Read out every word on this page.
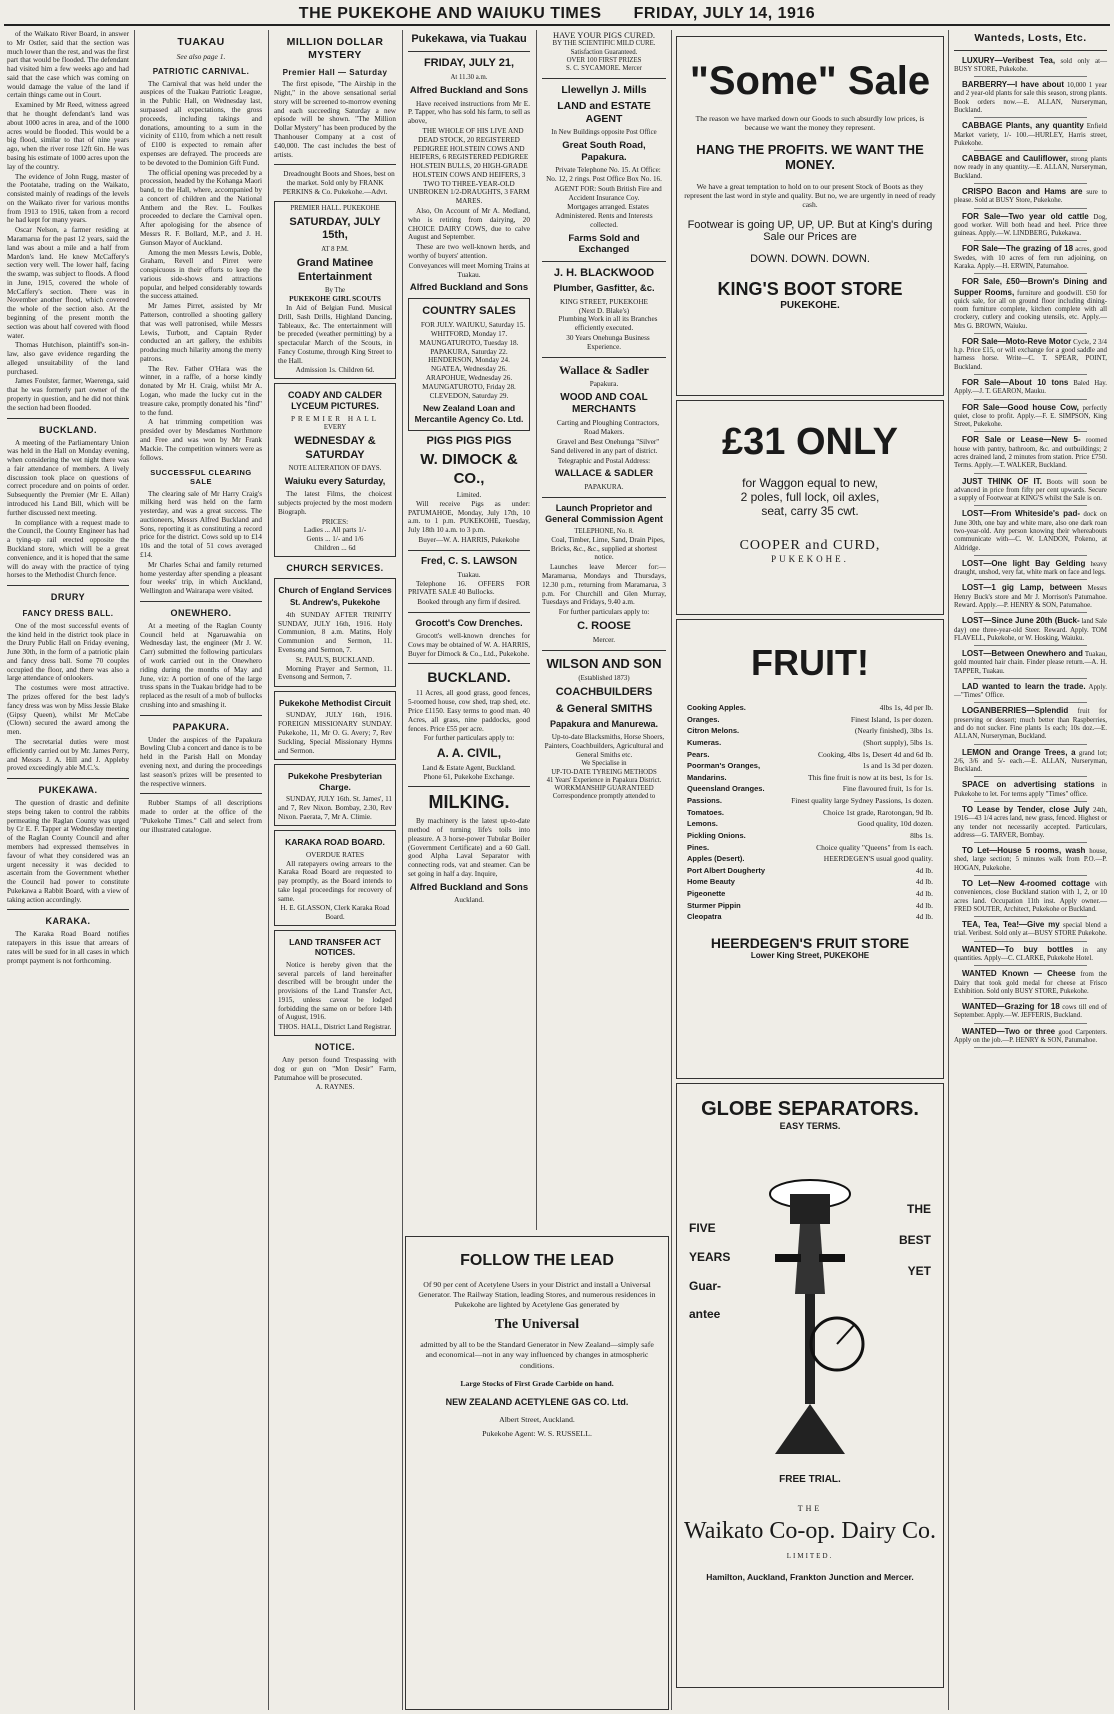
THE PUKEKOHE AND WAIUKU TIMES FRIDAY, JULY 14, 1916

of the Waikato River Board, in answer to Mr Ostler, said that the section was much lower than the rest, and was the first part that would be flooded. The defendant had visited him a few weeks ago and had said that the case which was coming on would damage the value of the land if certain things came out in Court.

Examined by Mr Reed, witness agreed that he thought defendant's land was about 1000 acres in area, and of the 1000 acres would be flooded. This would be a big flood, similar to that of nine years ago, when the river rose 12ft 6in. He was basing his estimate of 1000 acres upon the lay of the country.

The evidence of John Rugg, master of the Pootatahe, trading on the Waikato, consisted mainly of readings of the levels on the Waikato river for various months from 1913 to 1916, taken from a record he had kept for many years.

Oscar Nelson, a farmer residing at Maramarua for the past 12 years, said the land was about a mile and a half from Mardon's land. He knew McCaffery's section very well. The lower half, facing the swamp, was subject to floods. A flood in June, 1915, covered the whole of McCaffery's section. There was in November another flood, which covered the whole of the section also. At the beginning of the present month the section was about half covered with flood water.

Thomas Hutchison, plaintiff's son-in-law, also gave evidence regarding the alleged unsuitability of the land purchased.

James Foulster, farmer, Waerenga, said that he was formerly part owner of the property in question, and he did not think the section had been flooded.

BUCKLAND.

A meeting of the Parliamentary Union was held in the Hall on Monday evening, when considering the wet night there was a fair attendance of members. A lively discussion took place on questions of correct procedure and on points of order. Subsequently the Premier (Mr E. Allan) introduced his Land Bill, which will be further discussed next meeting.

In compliance with a request made to the Council, the County Engineer has had a tying-up rail erected opposite the Buckland store, which will be a great convenience, and it is hoped that the same will do away with the practice of tying horses to the Methodist Church fence.

DRURY
FANCY DRESS BALL.

One of the most successful events of the kind held in the district took place in the Drury Public Hall on Friday evening, June 30th, in the form of a patriotic plain and fancy dress ball. Some 70 couples occupied the floor, and there was also a large attendance of onlookers.

The costumes were most attractive. The prizes offered for the best lady's fancy dress was won by Miss Jessie Blake (Gipsy Queen), whilst Mr McCabe (Clown) secured the award among the men.

The secretarial duties were most efficiently carried out by Mr. James Perry, and Messrs J. A. Hill and J. Appleby proved exceedingly able M.C.'s.

PUKEKAWA.

The question of drastic and definite steps being taken to control the rabbits permeating the Raglan County was urged by Cr E. F. Tapper at Wednesday meeting of the Raglan County Council and after members had expressed themselves in favour of what they considered was an urgent necessity it was decided to ascertain from the Government whether the Council had power to constitute Pukekawa a Rabbit Board, with a view of taking action accordingly.

KARAKA.

The Karaka Road Board notifies ratepayers in this issue that arrears of rates will be sued for in all cases in which prompt payment is not forthcoming.

TUAKAU
See also page 1.
PATRIOTIC CARNIVAL.

The Carnival that was held under the auspices of the Tuakau Patriotic League, in the Public Hall, on Wednesday last, surpassed all expectations, the gross proceeds, including takings and donations, amounting to a sum in the vicinity of £110, from which a nett result of £100 is expected to remain after expenses are defrayed. The proceeds are to be devoted to the Dominion Gift Fund.

The official opening was preceded by a procession, headed by the Kohanga Maori band, to the Hall, where, accompanied by a concert of children and the National Anthem and the Rev. L. Foulkes proceeded to declare the Carnival open. After apologising for the absence of Messrs R. F. Bollard, M.P., and J. H. Gunson Mayor of Auckland.

Among the men Messrs Lewis, Doble, Graham, Revell and Pirret were conspicuous in their efforts to keep the various side-shows and attractions popular, and helped considerably towards the success attained.

Mr James Pirret, assisted by Mr Patterson, controlled a shooting gallery that was well patronised, while Messrs Lewis, Turbott, and Captain Ryder conducted an art gallery, the exhibits producing much hilarity among the merry patrons.

The Rev. Father O'Hara was the winner, in a raffle, of a horse kindly donated by Mr H. Craig, whilst Mr A. Logan, who made the lucky cut in the treasure cake, promptly donated his "find" to the fund.

A hat trimming competition was presided over by Mesdames Northmore and Free and was won by Mr Frank Mackie. The competition winners were as follows.

SUCCESSFUL CLEARING SALE

The clearing sale of Mr Harry Craig's milking herd was held on the farm yesterday, and was a great success. The auctioneers, Messrs Alfred Buckland and Sons, reporting it as constituting a record price for the district. Cows sold up to £14 10s and the total of 51 cows averaged £14.

Mr Charles Schai and family returned home yesterday after spending a pleasant four weeks' trip, in which Auckland, Wellington and Wairarapa were visited.

ONEWHERO.

At a meeting of the Raglan County Council held at Ngaruawahia on Wednesday last, the engineer (Mr J. W. Carr) submitted the following particulars of work carried out in the Onewhero riding during the months of May and June, viz: A portion of one of the large truss spans in the Tuakau bridge had to be replaced as the result of a mob of bullocks crushing into and smashing it.

PAPAKURA.

Under the auspices of the Papakura Bowling Club a concert and dance is to be held in the Parish Hall on Monday evening next, and during the proceedings last season's prizes will be presented to the respective winners.

Rubber Stamps of all descriptions made to order at the office of the "Pukekohe Times." Call and select from our illustrated catalogue.

MILLION DOLLAR MYSTERY
Premier Hall — Saturday

The first episode, "The Airship in the Night," in the above sensational serial story will be screened to-morrow evening and each succeeding Saturday a new episode will be shown. "The Million Dollar Mystery" has been produced by the Thanhouser Company at a cost of £40,000. The cast includes the best of artists.

Dreadnought Boots and Shoes, best on the market. Sold only by FRANK PERKINS & Co. Pukekohe.—Advt.

PREMIER HALL. PUKEKOHE
SATURDAY, JULY 15th,
AT 8 P.M.
Grand Matinee Entertainment
By The
PUKEKOHE GIRL SCOUTS

In Aid of Belgian Fund. Musical Drill, Sash Drills, Highland Dancing, Tableaux, &c. The entertainment will be preceded (weather permitting) by a spectacular March of the Scouts, in Fancy Costume, through King Street to the Hall.

Admission 1s. Children 6d.
COADY AND CALDER LYCEUM PICTURES.
PREMIER HALL
EVERY
WEDNESDAY & SATURDAY
NOTE ALTERATION OF DAYS.
Waiuku every Saturday,

The latest Films, the choicest subjects projected by the most modern Biograph.

PRICES:
Ladies ... All parts 1/-
Gents ... 1/- and 1/6
Children ... 6d
CHURCH SERVICES.
Church of England Services
St. Andrew's, Pukekohe

4th SUNDAY AFTER TRINITY SUNDAY, JULY 16th, 1916. Holy Communion, 8 a.m. Matins, Holy Communion and Sermon, 11. Evensong and Sermon, 7.

St. PAUL'S, BUCKLAND.

Morning Prayer and Sermon, 11. Evensong and Sermon, 7.

Pukekohe Methodist Circuit

SUNDAY, JULY 16th, 1916. FOREIGN MISSIONARY SUNDAY. Pukekohe, 11, Mr O. G. Avery; 7, Rev Suckling, Special Missionary Hymns and Sermon.

Pukekohe Presbyterian Charge.

SUNDAY, JULY 16th. St. James', 11 and 7, Rev Nixon. Bombay, 2.30, Rev Nixon. Paerata, 7, Mr A. Climie.

KARAKA ROAD BOARD.
OVERDUE RATES

All ratepayers owing arrears to the Karaka Road Board are requested to pay promptly, as the Board intends to take legal proceedings for recovery of same.

H. E. GLASSON, Clerk Karaka Road Board.
LAND TRANSFER ACT NOTICES.

Notice is hereby given that the several parcels of land hereinafter described will be brought under the provisions of the Land Transfer Act, 1915, unless caveat be lodged forbidding the same on or before 14th of August, 1916.

THOS. HALL, District Land Registrar.
NOTICE.

Any person found Trespassing with dog or gun on "Mon Desir" Farm, Patumahoe will be prosecuted.

A. RAYNES.
Pukekawa, via Tuakau
FRIDAY, JULY 21,
At 11.30 a.m.
Alfred Buckland and Sons

Have received instructions from Mr E. P. Tapper, who has sold his farm, to sell as above,

THE WHOLE OF HIS LIVE AND DEAD STOCK, 20 REGISTERED PEDIGREE HOLSTEIN COWS AND HEIFERS, 6 REGISTERED PEDIGREE HOLSTEIN BULLS, 20 HIGH-GRADE HOLSTEIN COWS AND HEIFERS, 3 TWO TO THREE-YEAR-OLD UNBROKEN 1/2-DRAUGHTS, 3 FARM MARES.

Also, On Account of Mr A. Medland, who is retiring from dairying, 20 CHOICE DAIRY COWS, due to calve August and September.

These are two well-known herds, and worthy of buyers' attention.

Conveyances will meet Morning Trains at Tuakau.
Alfred Buckland and Sons
COUNTRY SALES

FOR JULY. WAIUKU, Saturday 15. WHITFORD, Monday 17. MAUNGATUROTO, Tuesday 18. PAPAKURA, Saturday 22. HENDERSON, Monday 24. NGATEA, Wednesday 26. ARAPOHUE, Wednesday 26. MAUNGATUROTO, Friday 28. CLEVEDON, Saturday 29.

New Zealand Loan and Mercantile Agency Co. Ltd.
PIGS PIGS PIGS
W. DIMOCK & CO.,
Limited.

Will receive Pigs as under: PATUMAHOE, Monday, July 17th, 10 a.m. to 1 p.m. PUKEKOHE, Tuesday, July 18th 10 a.m. to 3 p.m.

Buyer—W. A. HARRIS, Pukekohe
Fred, C. S. LAWSON
Tuakau.

Telephone 16. OFFERS FOR PRIVATE SALE 40 Bullocks.

Booked through any firm if desired.
Grocott's Cow Drenches.

Grocott's well-known drenches for Cows may be obtained of W. A. HARRIS, Buyer for Dimock & Co., Ltd., Pukekohe.

BUCKLAND.

11 Acres, all good grass, good fences, 5-roomed house, cow shed, trap shed, etc. Price £1150. Easy terms to good man. 40 Acres, all grass, nine paddocks, good fences. Price £55 per acre.

For further particulars apply to:
A. A. CIVIL,
Land & Estate Agent, Buckland.
Phone 61, Pukekohe Exchange.
MILKING.

By machinery is the latest up-to-date method of turning life's toils into pleasure. A 3 horse-power Tubular Boiler (Government Certificate) and a 60 Gall. good Alpha Laval Separator with connecting rods, vat and steamer. Can be set going in half a day. Inquire,

Alfred Buckland and Sons
Auckland.
HAVE YOUR PIGS CURED.
BY THE SCIENTIFIC MILD CURE.
Satisfaction Guaranteed.
OVER 100 FIRST PRIZES
S. C. SYCAMORE. Mercer
Llewellyn J. Mills
LAND and ESTATE AGENT
In New Buildings opposite Post Office
Great South Road, Papakura.

Private Telephone No. 15. At Office: No. 12, 2 rings. Post Office Box No. 16.

AGENT FOR: South British Fire and Accident Insurance Coy.

Mortgages arranged. Estates Administered. Rents and Interests collected.

Farms Sold and Exchanged
J. H. BLACKWOOD
Plumber, Gasfitter, &c.
KING STREET, PUKEKOHE
(Next D. Blake's)

Plumbing Work in all its Branches efficiently executed.

30 Years Onehunga Business Experience.

Wallace & Sadler
Papakura.
WOOD AND COAL MERCHANTS

Carting and Ploughing Contractors, Road Makers.

Gravel and Best Onehunga "Silver" Sand delivered in any part of district.

Telegraphic and Postal Address:
WALLACE & SADLER
PAPAKURA.
Launch Proprietor and General Commission Agent
TELEPHONE, No. 8.

Coal, Timber, Lime, Sand, Drain Pipes, Bricks, &c., &c., supplied at shortest notice.

Launches leave Mercer for:—Maramarua, Mondays and Thursdays, 12.30 p.m., returning from Maramarua, 3 p.m. For Churchill and Glen Murray, Tuesdays and Fridays, 9.40 a.m.

For further particulars apply to:
C. ROOSE
Mercer.
WILSON AND SON
(Established 1873)
COACHBUILDERS
& General SMITHS
Papakura and Manurewa.

Up-to-date Blacksmiths, Horse Shoers, Painters, Coachbuilders, Agricultural and General Smiths etc.

We Specialise in
UP-TO-DATE TYREING METHODS
41 Years' Experience in Papakura District.
WORKMANSHIP GUARANTEED
Correspondence promptly attended to
FOLLOW THE LEAD

Of 90 per cent of Acetylene Users in your District and install a Universal Generator. The Railway Station, leading Stores, and numerous residences in Pukekohe are lighted by Acetylene Gas generated by

The Universal

admitted by all to be the Standard Generator in New Zealand—simply safe and economical—not in any way influenced by changes in atmospheric conditions.

Large Stocks of First Grade Carbide on hand.
NEW ZEALAND ACETYLENE GAS CO. Ltd.
Albert Street, Auckland.
Pukekohe Agent: W. S. RUSSELL.
"Some" Sale

The reason we have marked down our Goods to such absurdly low prices, is because we want the money they represent.

HANG THE PROFITS. WE WANT THE MONEY.

We have a great temptation to hold on to our present Stock of Boots as they represent the last word in style and quality. But no, we are urgently in need of ready cash.

Footwear is going UP, UP, UP. But at King's during Sale our Prices are
DOWN. DOWN. DOWN.
KING'S BOOT STORE
PUKEKOHE.
£31 ONLY
for Waggon equal to new,
2 poles, full lock, oil axles,
seat, carry 35 cwt.
COOPER and CURD,
PUKEKOHE.
FRUIT!
Cooking Apples.	4lbs 1s, 4d per lb.
Oranges.	Finest Island, 1s per dozen.
Citron Melons.	(Nearly finished), 3lbs 1s.
Kumeras.	(Short supply), 5lbs 1s.
Pears.	Cooking, 4lbs 1s, Desert 4d and 6d lb.
Poorman's Oranges,	1s and 1s 3d per dozen.
Mandarins.	This fine fruit is now at its best, 1s for 1s.
Queensland Oranges.	Fine flavoured fruit, 1s for 1s.
Passions.	Finest quality large Sydney Passions, 1s dozen.
Tomatoes.	Choice 1st grade, Rarotongan, 9d lb.
Lemons.	Good quality, 10d dozen.
Pickling Onions.	8lbs 1s.
Pines.	Choice quality "Queens" from 1s each.
Apples (Desert).	HEERDEGEN'S usual good quality.
Port Albert Dougherty	4d lb.
Home Beauty	4d lb.
Pigeonette	4d lb.
Sturmer Pippin	4d lb.
Cleopatra	4d lb.
HEERDEGEN'S FRUIT STORE
Lower King Street, PUKEKOHE
GLOBE SEPARATORS.
EASY TERMS.
FIVE
YEARS
Guar-
antee
THE
BEST
YET
FREE TRIAL.
THE
Waikato Co-op. Dairy Co.
LIMITED.
Hamilton, Auckland, Frankton Junction and Mercer.
Wanteds, Losts, Etc.

LUXURY—Veribest Tea, sold only at—BUSY STORE, Pukekohe.

BARBERRY—I have about 10,000 1 year and 2 year-old plants for sale this season, strong plants. Book orders now.—E. ALLAN, Nurseryman, Buckland.

CABBAGE Plants, any quantity Enfield Market variety, 1/- 100.—HURLEY, Harris street, Pukekohe.

CABBAGE and Cauliflower, strong plants now ready in any quantity.—E. ALLAN, Nurseryman, Buckland.

CRISPO Bacon and Hams are sure to please. Sold at BUSY Store, Pukekohe.

FOR Sale—Two year old cattle Dog, good worker. Will both head and heel. Price three guineas. Apply.—W. LINDBERG, Pukekawa.

FOR Sale—The grazing of 18 acres, good Swedes, with 10 acres of fern run adjoining, on Karaka. Apply.—H. ERWIN, Patumahoe.

FOR Sale, £50—Brown's Dining and Supper Rooms, furniture and goodwill. £50 for quick sale, for all on ground floor including dining-room furniture complete, kitchen complete with all crockery, cutlery and cooking utensils, etc. Apply.—Mrs G. BROWN, Waiuku.

FOR Sale—Moto-Reve Motor Cycle, 2 3/4 h.p. Price £15, or will exchange for a good saddle and harness horse. Write—C. T. SPEAR, POINT, Buckland.

FOR Sale—About 10 tons Baled Hay. Apply.—J. T. GEARON, Mauku.

FOR Sale—Good house Cow, perfectly quiet, close to profit. Apply.—F. E. SIMPSON, King Street, Pukekohe.

FOR Sale or Lease—New 5- roomed house with pantry, bathroom, &c. and outbuildings; 2 acres drained land, 2 minutes from station. Price £750. Terms. Apply.—T. WALKER, Buckland.

JUST THINK OF IT. Boots will soon be advanced in price from fifty per cent upwards. Secure a supply of Footwear at KING'S whilst the Sale is on.

LOST—From Whiteside's pad- dock on June 30th, one bay and white mare, also one dark roan two-year-old. Any person knowing their whereabouts communicate with—C. W. LANDON, Pokeno, at Aldridge.

LOST—One light Bay Gelding heavy draught, unshod, very fat, white mark on face and legs.

LOST—1 gig Lamp, between Messrs Henry Buck's store and Mr J. Morrison's Patumahoe. Reward. Apply.—P. HENRY & SON, Patumahoe.

LOST—Since June 20th (Buck- land Sale day) one three-year-old Steer. Reward. Apply. TOM FLAVELL, Pukekohe, or W. Hosking, Waiuku.

LOST—Between Onewhero and Tuakau, gold mounted hair chain. Finder please return.—A. H. TAPPER, Tuakau.

LAD wanted to learn the trade. Apply.—"Times" Office.

LOGANBERRIES—Splendid fruit for preserving or dessert; much better than Raspberries, and do not sucker. Fine plants 1s each; 10s doz.—E. ALLAN, Nurseryman, Buckland.

LEMON and Orange Trees, a grand lot; 2/6, 3/6 and 5/- each.—E. ALLAN, Nurseryman, Buckland.

SPACE on advertising stations in Pukekohe to let. For terms apply "Times" office.

TO Lease by Tender, close July 24th, 1916—43 1/4 acres land, new grass, fenced. Highest or any tender not necessarily accepted. Particulars, address—G. TARVER, Bombay.

TO Let—House 5 rooms, wash house, shed, large section; 5 minutes walk from P.O.—P. HOGAN, Pukekohe.

TO Let—New 4-roomed cottage with conveniences, close Buckland station with 1, 2, or 10 acres land. Occupation 11th inst. Apply owner.—FRED SOUTER, Architect, Pukekohe or Buckland.

TEA, Tea, Tea!—Give my special blend a trial. Veribest. Sold only at—BUSY STORE Pukekohe.

WANTED—To buy bottles in any quantities. Apply—C. CLARKE, Pukekohe Hotel.

WANTED Known — Cheese from the Dairy that took gold medal for cheese at Frisco Exhibition. Sold only BUSY STORE, Pukekohe.

WANTED—Grazing for 18 cows till end of September. Apply.—W. JEFFERIS, Buckland.

WANTED—Two or three good Carpenters. Apply on the job.—P. HENRY & SON, Patumahoe.
